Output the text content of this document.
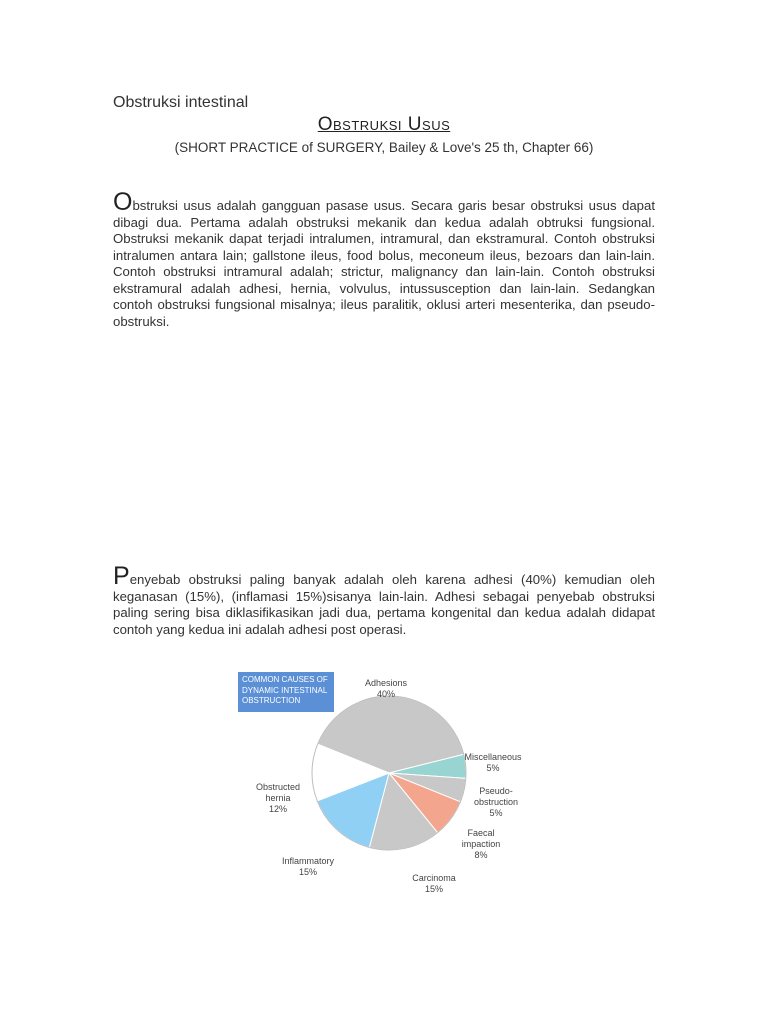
Obstruksi intestinal
Obstruksi Usus
(SHORT PRACTICE of SURGERY, Bailey & Love's 25 th, Chapter 66)
Obstruksi usus adalah gangguan pasase usus. Secara garis besar obstruksi usus dapat dibagi dua. Pertama adalah obstruksi mekanik dan kedua adalah obtruksi fungsional. Obstruksi mekanik dapat terjadi intralumen, intramural, dan ekstramural. Contoh obstruksi intralumen antara lain; gallstone ileus, food bolus, meconeum ileus, bezoars dan lain-lain. Contoh obstruksi intramural adalah; strictur, malignancy dan lain-lain. Contoh obstruksi ekstramural adalah adhesi, hernia, volvulus, intussusception dan lain-lain. Sedangkan contoh obstruksi fungsional misalnya; ileus paralitik, oklusi arteri mesenterika, dan pseudo-obstruksi.
Penyebab obstruksi paling banyak adalah oleh karena adhesi (40%) kemudian oleh keganasan (15%), (inflamasi 15%)sisanya lain-lain. Adhesi sebagai penyebab obstruksi paling sering bisa diklasifikasikan jadi dua, pertama kongenital dan kedua adalah didapat contoh yang kedua ini adalah adhesi post operasi.
Adhesions 40%
Miscellaneous 5%
Pseudo-obstruction 5%
Faecal impaction 8%
Carcinoma 15%
Inflammatory 15%
Obstructed hernia 12%
COMMON CAUSES OF
DYNAMIC INTESTINAL
OBSTRUCTION
